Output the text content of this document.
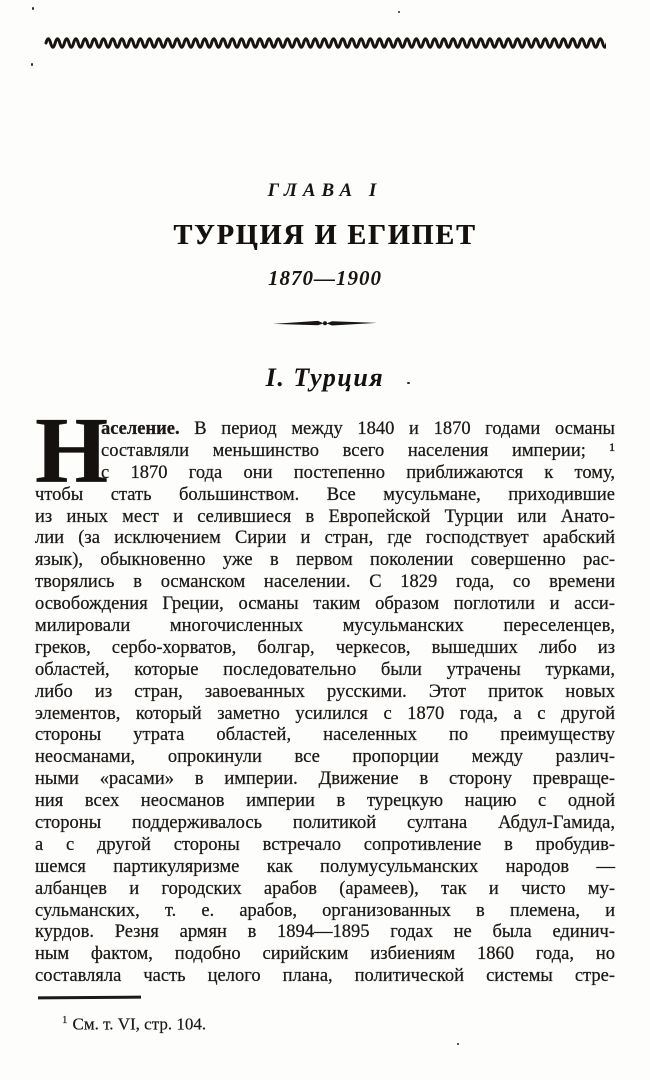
ГЛАВА I
ТУРЦИЯ И ЕГИПЕТ
1870—1900
I. Турция
Н
аселение. В период между 1840 и 1870 годами османы
составляли меньшинство всего населения империи; ¹
с 1870 года они постепенно приближаются к тому,
чтобы стать большинством. Все мусульмане, приходившие
из иных мест и селившиеся в Европейской Турции или Анато-
лии (за исключением Сирии и стран, где господствует арабский
язык), обыкновенно уже в первом поколении совершенно рас-
творялись в османском населении. С 1829 года, со времени
освобождения Греции, османы таким образом поглотили и асси-
милировали многочисленных мусульманских переселенцев,
греков, сербо-хорватов, болгар, черкесов, вышедших либо из
областей, которые последовательно были утрачены турками,
либо из стран, завоеванных русскими. Этот приток новых
элементов, который заметно усилился с 1870 года, а с другой
стороны утрата областей, населенных по преимуществу
неосманами, опрокинули все пропорции между различ-
ными «расами» в империи. Движение в сторону превраще-
ния всех неосманов империи в турецкую нацию с одной
стороны поддерживалось политикой султана Абдул-Гамида,
а с другой стороны встречало сопротивление в пробудив-
шемся партикуляризме как полумусульманских народов —
албанцев и городских арабов (арамеев), так и чисто му-
сульманских, т. е. арабов, организованных в племена, и
курдов. Резня армян в 1894—1895 годах не была единич-
ным фактом, подобно сирийским избиениям 1860 года, но
составляла часть целого плана, политической системы стре-
$^1$ См. т. VI, стр. 104.
